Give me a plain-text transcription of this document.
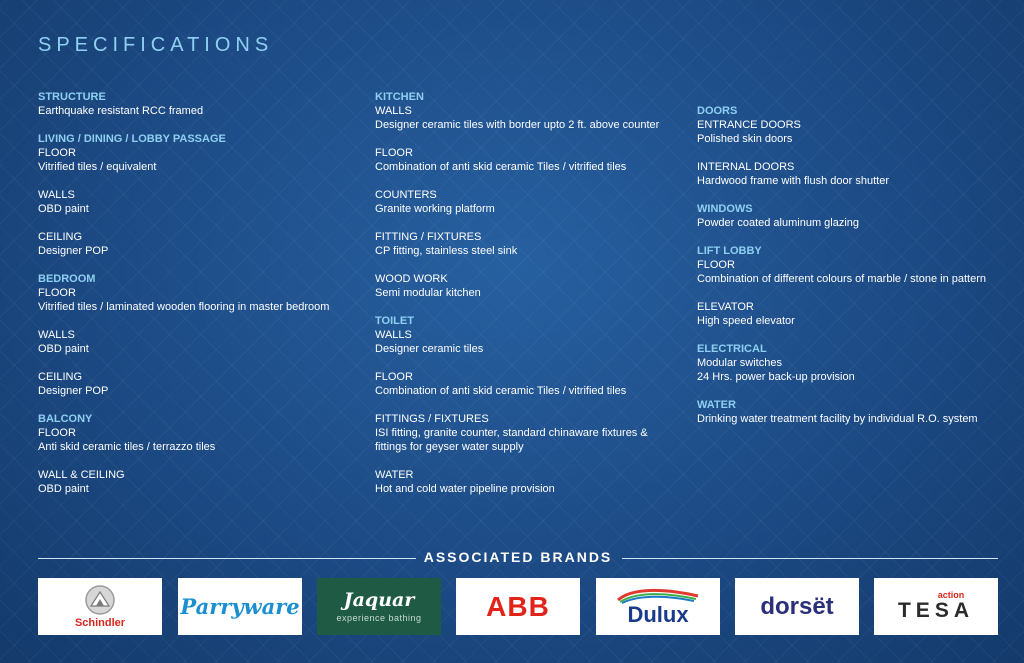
SPECIFICATIONS
STRUCTURE
Earthquake resistant RCC framed
LIVING / DINING / LOBBY PASSAGE
FLOOR
Vitrified tiles / equivalent
WALLS
OBD paint
CEILING
Designer POP
BEDROOM
FLOOR
Vitrified tiles / laminated wooden flooring in master bedroom
WALLS
OBD paint
CEILING
Designer POP
BALCONY
FLOOR
Anti skid ceramic tiles / terrazzo tiles
WALL & CEILING
OBD paint
KITCHEN
WALLS
Designer ceramic tiles with border upto 2 ft. above counter
FLOOR
Combination of anti skid ceramic Tiles / vitrified tiles
COUNTERS
Granite working platform
FITTING / FIXTURES
CP fitting, stainless steel sink
WOOD WORK
Semi modular kitchen
TOILET
WALLS
Designer ceramic tiles
FLOOR
Combination of anti skid ceramic Tiles / vitrified tiles
FITTINGS / FIXTURES
ISI fitting, granite counter, standard chinaware fixtures &
fittings for geyser water supply
WATER
Hot and cold water pipeline provision
DOORS
ENTRANCE DOORS
Polished skin doors
INTERNAL DOORS
Hardwood frame with flush door shutter
WINDOWS
Powder coated aluminum glazing
LIFT LOBBY
FLOOR
Combination of different colours of marble / stone in pattern
ELEVATOR
High speed elevator
ELECTRICAL
Modular switches
24 Hrs. power back-up provision
WATER
Drinking water treatment facility by individual R.O. system
ASSOCIATED BRANDS
Schindler
Parryware Jaquar
experience bathing ABB	Dulux	dorsët	action
TESA
